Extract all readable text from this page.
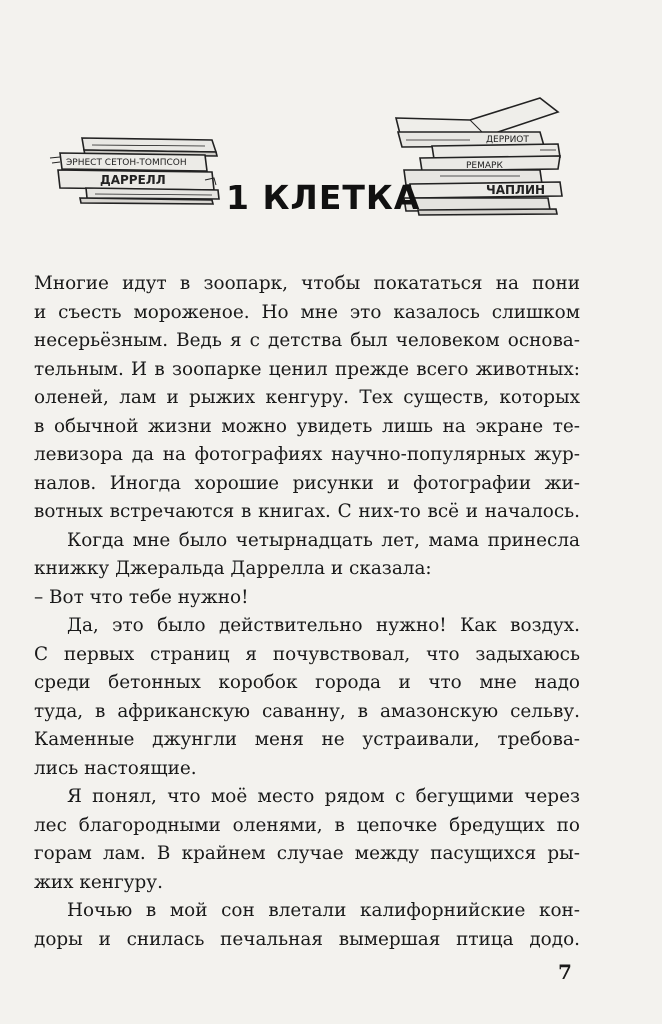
ЭРНЕСТ СЕТОН-ТОМПСОН
ДАРРЕЛЛ
ДЕРРИОТ
РЕМАРК
ЧАПЛИН
1 КЛЕТКА
Многие идут в зоопарк, чтобы покататься на пони
и съесть мороженое. Но мне это казалось слишком
несерьёзным. Ведь я с детства был человеком основа-
тельным. И в зоопарке ценил прежде всего животных:
оленей, лам и рыжих кенгуру. Тех существ, которых
в обычной жизни можно увидеть лишь на экране те-
левизора да на фотографиях научно-популярных жур-
налов. Иногда хорошие рисунки и фотографии жи-
вотных встречаются в книгах. С них-то всё и началось.
Когда мне было четырнадцать лет, мама принесла
книжку Джеральда Даррелла и сказала:
– Вот что тебе нужно!
Да, это было действительно нужно! Как воздух.
С первых страниц я почувствовал, что задыхаюсь
среди бетонных коробок города и что мне надо
туда, в африканскую саванну, в амазонскую сельву.
Каменные джунгли меня не устраивали, требова-
лись настоящие.
Я понял, что моё место рядом с бегущими через
лес благородными оленями, в цепочке бредущих по
горам лам. В крайнем случае между пасущихся ры-
жих кенгуру.
Ночью в мой сон влетали калифорнийские кон-
доры и снилась печальная вымершая птица додо.
7
